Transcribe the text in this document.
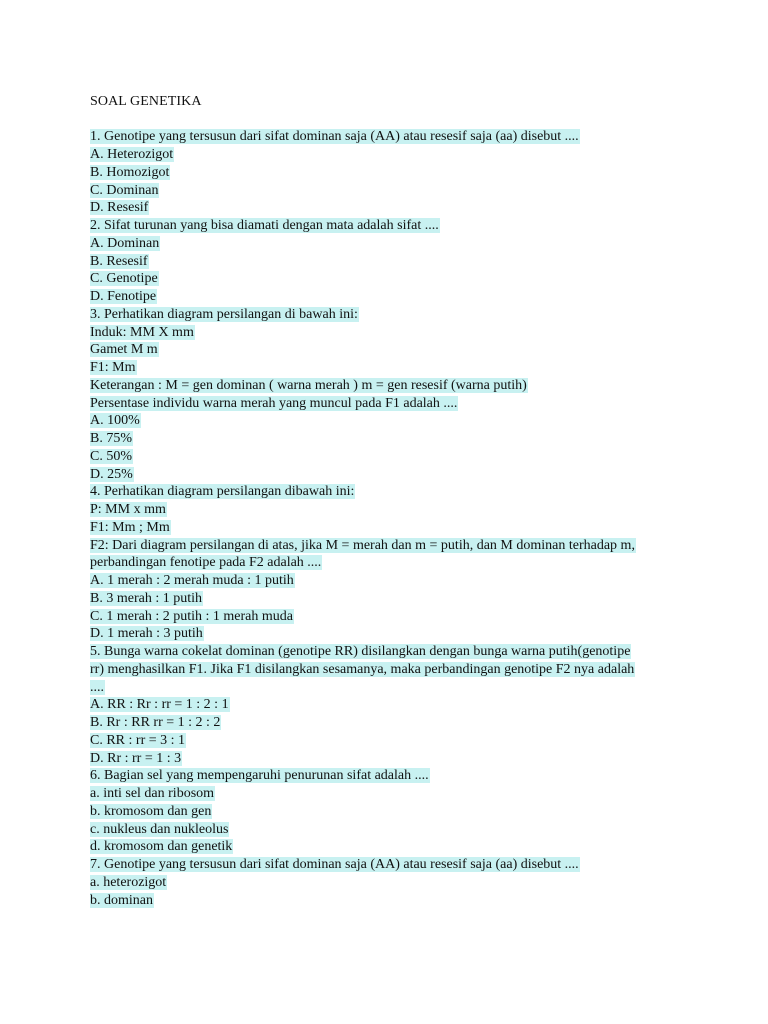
SOAL GENETIKA
1. Genotipe yang tersusun dari sifat dominan saja (AA) atau resesif saja (aa) disebut ....
A. Heterozigot
B. Homozigot
C. Dominan
D. Resesif
2. Sifat turunan yang bisa diamati dengan mata adalah sifat ....
A. Dominan
B. Resesif
C. Genotipe
D. Fenotipe
3. Perhatikan diagram persilangan di bawah ini:
Induk: MM X mm
Gamet M m
F1: Mm
Keterangan : M = gen dominan ( warna merah ) m = gen resesif (warna putih)
Persentase individu warna merah yang muncul pada F1 adalah ....
A. 100%
B. 75%
C. 50%
D. 25%
4. Perhatikan diagram persilangan dibawah ini:
P: MM x mm
F1: Mm ; Mm
F2: Dari diagram persilangan di atas, jika M = merah dan m = putih, dan M dominan terhadap m,
perbandingan fenotipe pada F2 adalah ....
A. 1 merah : 2 merah muda : 1 putih
B. 3 merah : 1 putih
C. 1 merah : 2 putih : 1 merah muda
D. 1 merah : 3 putih
5. Bunga warna cokelat dominan (genotipe RR) disilangkan dengan bunga warna putih(genotipe
rr) menghasilkan F1. Jika F1 disilangkan sesamanya, maka perbandingan genotipe F2 nya adalah
....
A. RR : Rr : rr = 1 : 2 : 1
B. Rr : RR rr = 1 : 2 : 2
C. RR : rr = 3 : 1
D. Rr : rr = 1 : 3
6. Bagian sel yang mempengaruhi penurunan sifat adalah ....
a. inti sel dan ribosom
b. kromosom dan gen
c. nukleus dan nukleolus
d. kromosom dan genetik
7. Genotipe yang tersusun dari sifat dominan saja (AA) atau resesif saja (aa) disebut ....
a. heterozigot
b. dominan
